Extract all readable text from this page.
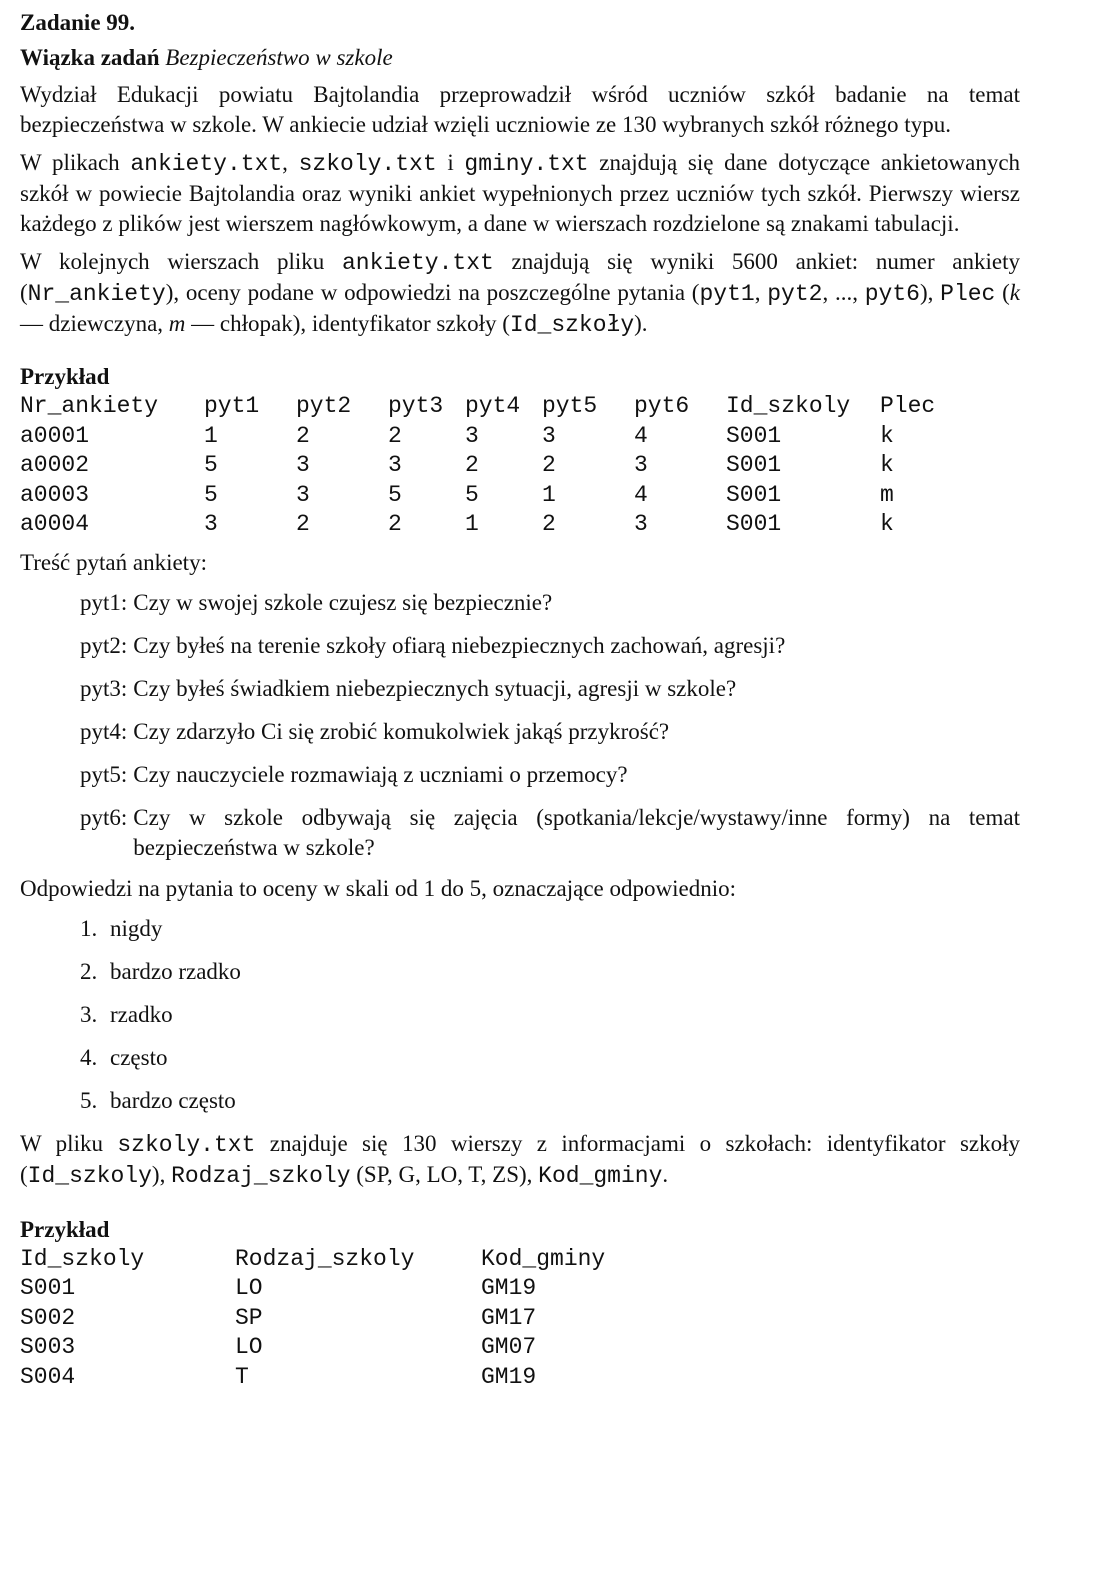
Zadanie 99.
Wiązka zadań Bezpieczeństwo w szkole

Wydział Edukacji powiatu Bajtolandia przeprowadził wśród uczniów szkół badanie na temat bezpieczeństwa w szkole. W ankiecie udział wzięli uczniowie ze 130 wybranych szkół różnego typu.

W plikach ankiety.txt, szkoly.txt i gminy.txt znajdują się dane dotyczące ankietowanych szkół w powiecie Bajtolandia oraz wyniki ankiet wypełnionych przez uczniów tych szkół. Pierwszy wiersz każdego z plików jest wierszem nagłówkowym, a dane w wierszach rozdzielone są znakami tabulacji.

W kolejnych wierszach pliku ankiety.txt znajdują się wyniki 5600 ankiet: numer ankiety (Nr_ankiety), oceny podane w odpowiedzi na poszczególne pytania (pyt1, pyt2, ..., pyt6), Plec (k — dziewczyna, m — chłopak), identyfikator szkoły (Id_szkoły).

Przykład
Nr_ankiety	pyt1	pyt2	pyt3	pyt4	pyt5	pyt6	Id_szkoly	Plec
a0001	1	2	2	3	3	4	S001	k
a0002	5	3	3	2	2	3	S001	k
a0003	5	3	5	5	1	4	S001	m
a0004	3	2	2	1	2	3	S001	k

Treść pytań ankiety:

pyt1: Czy w swojej szkole czujesz się bezpiecznie?
pyt2: Czy byłeś na terenie szkoły ofiarą niebezpiecznych zachowań, agresji?
pyt3: Czy byłeś świadkiem niebezpiecznych sytuacji, agresji w szkole?
pyt4: Czy zdarzyło Ci się zrobić komukolwiek jakąś przykrość?
pyt5: Czy nauczyciele rozmawiają z uczniami o przemocy?
pyt6: Czy w szkole odbywają się zajęcia (spotkania/lekcje/wystawy/inne formy) na temat bezpieczeństwa w szkole?

Odpowiedzi na pytania to oceny w skali od 1 do 5, oznaczające odpowiednio:

1. nigdy
2. bardzo rzadko
3. rzadko
4. często
5. bardzo często

W pliku szkoly.txt znajduje się 130 wierszy z informacjami o szkołach: identyfikator szkoły (Id_szkoly), Rodzaj_szkoly (SP, G, LO, T, ZS), Kod_gminy.

Przykład
Id_szkoly	Rodzaj_szkoly	Kod_gminy
S001	LO	GM19
S002	SP	GM17
S003	LO	GM07
S004	T	GM19
